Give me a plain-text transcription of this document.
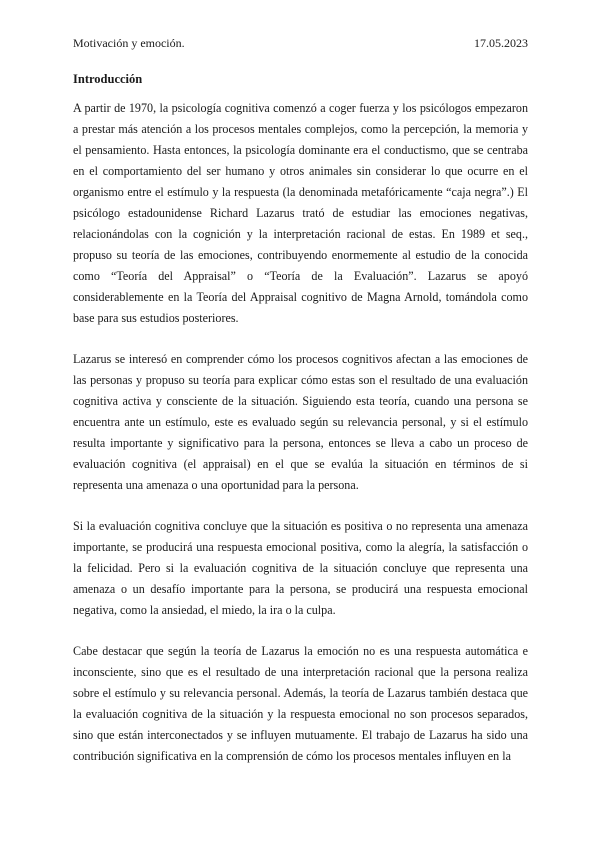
Motivación y emoción.	17.05.2023
Introducción

A partir de 1970, la psicología cognitiva comenzó a coger fuerza y los psicólogos empezaron a prestar más atención a los procesos mentales complejos, como la percepción, la memoria y el pensamiento. Hasta entonces, la psicología dominante era el conductismo, que se centraba en el comportamiento del ser humano y otros animales sin considerar lo que ocurre en el organismo entre el estímulo y la respuesta (la denominada metafóricamente “caja negra”.) El psicólogo estadounidense Richard Lazarus trató de estudiar las emociones negativas, relacionándolas con la cognición y la interpretación racional de estas. En 1989 et seq., propuso su teoría de las emociones, contribuyendo enormemente al estudio de la conocida como “Teoría del Appraisal” o “Teoría de la Evaluación”. Lazarus se apoyó considerablemente en la Teoría del Appraisal cognitivo de Magna Arnold, tomándola como base para sus estudios posteriores.

Lazarus se interesó en comprender cómo los procesos cognitivos afectan a las emociones de las personas y propuso su teoría para explicar cómo estas son el resultado de una evaluación cognitiva activa y consciente de la situación. Siguiendo esta teoría, cuando una persona se encuentra ante un estímulo, este es evaluado según su relevancia personal, y si el estímulo resulta importante y significativo para la persona, entonces se lleva a cabo un proceso de evaluación cognitiva (el appraisal) en el que se evalúa la situación en términos de si representa una amenaza o una oportunidad para la persona.

Si la evaluación cognitiva concluye que la situación es positiva o no representa una amenaza importante, se producirá una respuesta emocional positiva, como la alegría, la satisfacción o la felicidad. Pero si la evaluación cognitiva de la situación concluye que representa una amenaza o un desafío importante para la persona, se producirá una respuesta emocional negativa, como la ansiedad, el miedo, la ira o la culpa.

Cabe destacar que según la teoría de Lazarus la emoción no es una respuesta automática e inconsciente, sino que es el resultado de una interpretación racional que la persona realiza sobre el estímulo y su relevancia personal. Además, la teoría de Lazarus también destaca que la evaluación cognitiva de la situación y la respuesta emocional no son procesos separados, sino que están interconectados y se influyen mutuamente. El trabajo de Lazarus ha sido una contribución significativa en la comprensión de cómo los procesos mentales influyen en la
